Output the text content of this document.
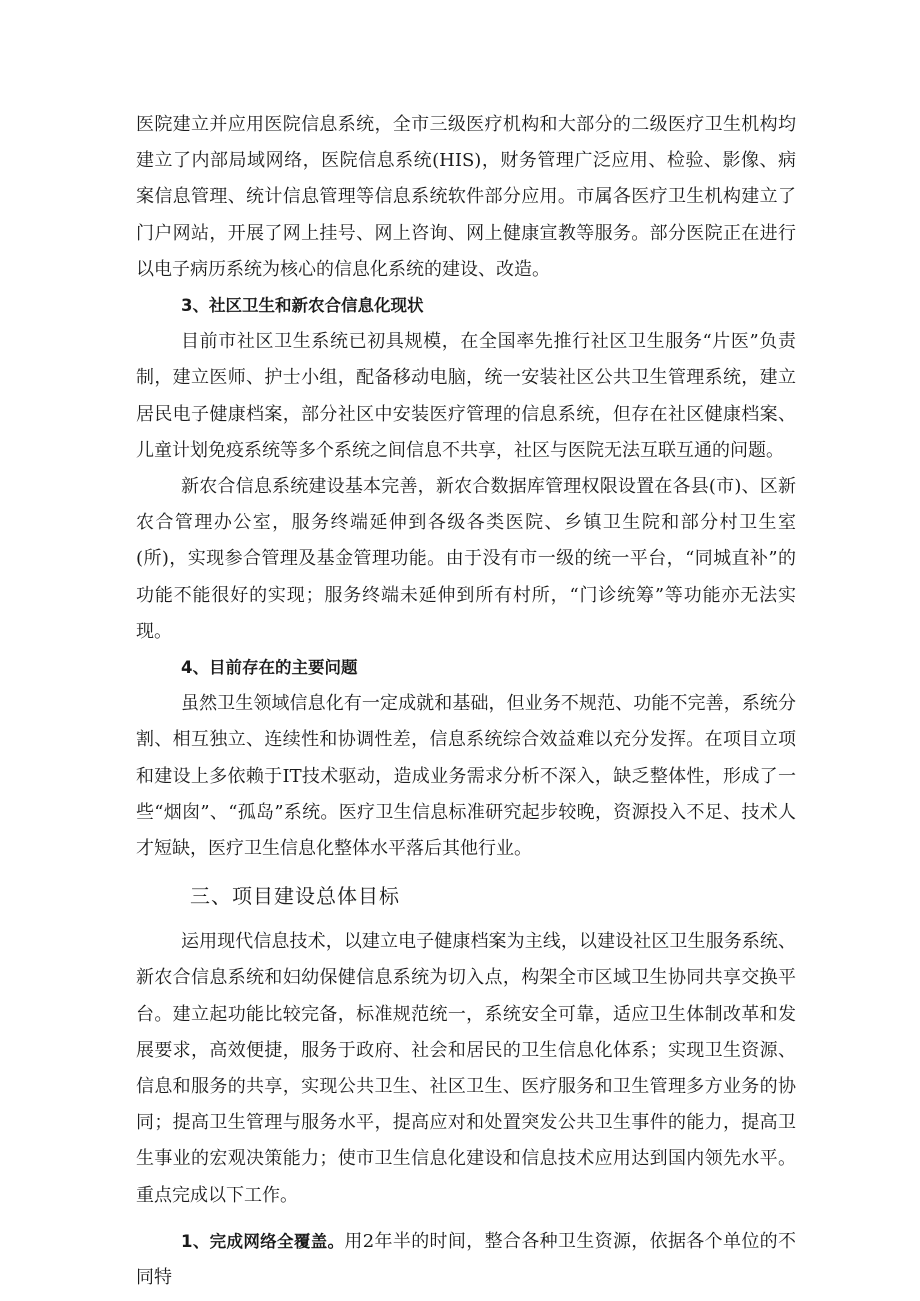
医院建立并应用医院信息系统，全市三级医疗机构和大部分的二级医疗卫生机构均建立了内部局域网络，医院信息系统(HIS)，财务管理广泛应用、检验、影像、病案信息管理、统计信息管理等信息系统软件部分应用。市属各医疗卫生机构建立了门户网站，开展了网上挂号、网上咨询、网上健康宣教等服务。部分医院正在进行以电子病历系统为核心的信息化系统的建设、改造。

3、社区卫生和新农合信息化现状

目前市社区卫生系统已初具规模，在全国率先推行社区卫生服务“片医”负责制，建立医师、护士小组，配备移动电脑，统一安装社区公共卫生管理系统，建立居民电子健康档案，部分社区中安装医疗管理的信息系统，但存在社区健康档案、儿童计划免疫系统等多个系统之间信息不共享，社区与医院无法互联互通的问题。

新农合信息系统建设基本完善，新农合数据库管理权限设置在各县(市)、区新农合管理办公室，服务终端延伸到各级各类医院、乡镇卫生院和部分村卫生室(所)，实现参合管理及基金管理功能。由于没有市一级的统一平台，“同城直补”的功能不能很好的实现；服务终端未延伸到所有村所，“门诊统筹”等功能亦无法实现。

4、目前存在的主要问题

虽然卫生领域信息化有一定成就和基础，但业务不规范、功能不完善，系统分割、相互独立、连续性和协调性差，信息系统综合效益难以充分发挥。在项目立项和建设上多依赖于IT技术驱动，造成业务需求分析不深入，缺乏整体性，形成了一些“烟囱”、“孤岛”系统。医疗卫生信息标准研究起步较晚，资源投入不足、技术人才短缺，医疗卫生信息化整体水平落后其他行业。

三、项目建设总体目标

运用现代信息技术，以建立电子健康档案为主线，以建设社区卫生服务系统、新农合信息系统和妇幼保健信息系统为切入点，构架全市区域卫生协同共享交换平台。建立起功能比较完备，标准规范统一，系统安全可靠，适应卫生体制改革和发展要求，高效便捷，服务于政府、社会和居民的卫生信息化体系；实现卫生资源、信息和服务的共享，实现公共卫生、社区卫生、医疗服务和卫生管理多方业务的协同；提高卫生管理与服务水平，提高应对和处置突发公共卫生事件的能力，提高卫生事业的宏观决策能力；使市卫生信息化建设和信息技术应用达到国内领先水平。重点完成以下工作。

1、完成网络全覆盖。用2年半的时间，整合各种卫生资源，依据各个单位的不同特
